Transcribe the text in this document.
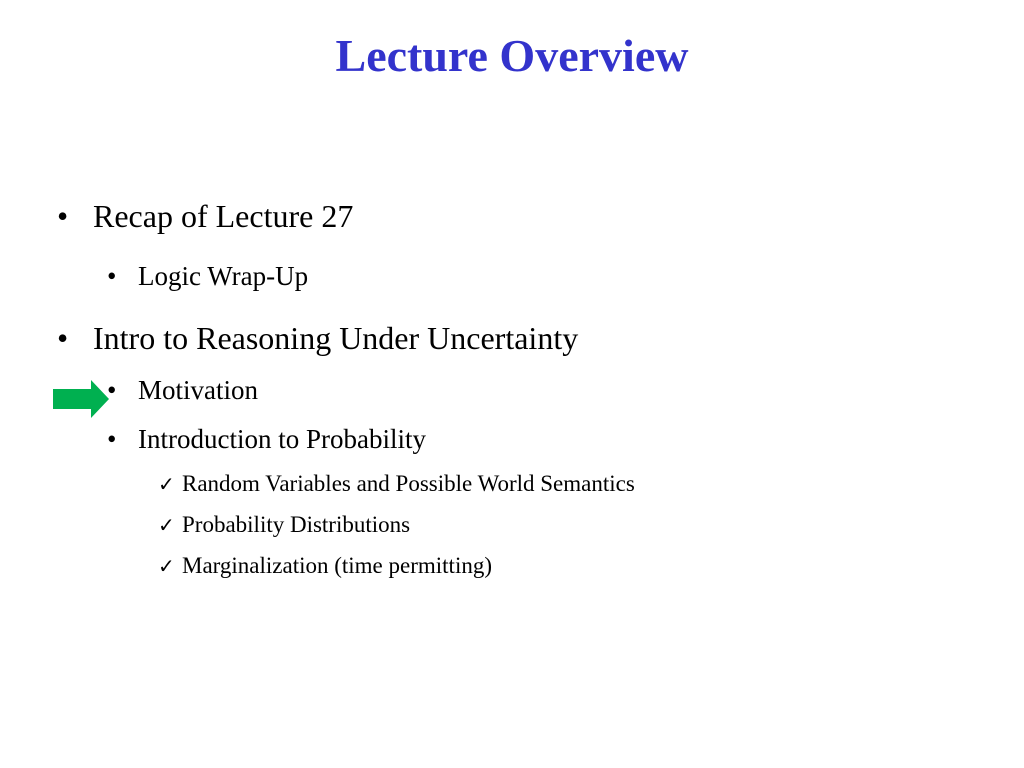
Lecture Overview
• Recap of Lecture 27
• Logic Wrap-Up
• Intro to Reasoning Under Uncertainty
• Motivation
• Introduction to Probability
✓ Random Variables and Possible World Semantics
✓ Probability Distributions
✓ Marginalization (time permitting)
